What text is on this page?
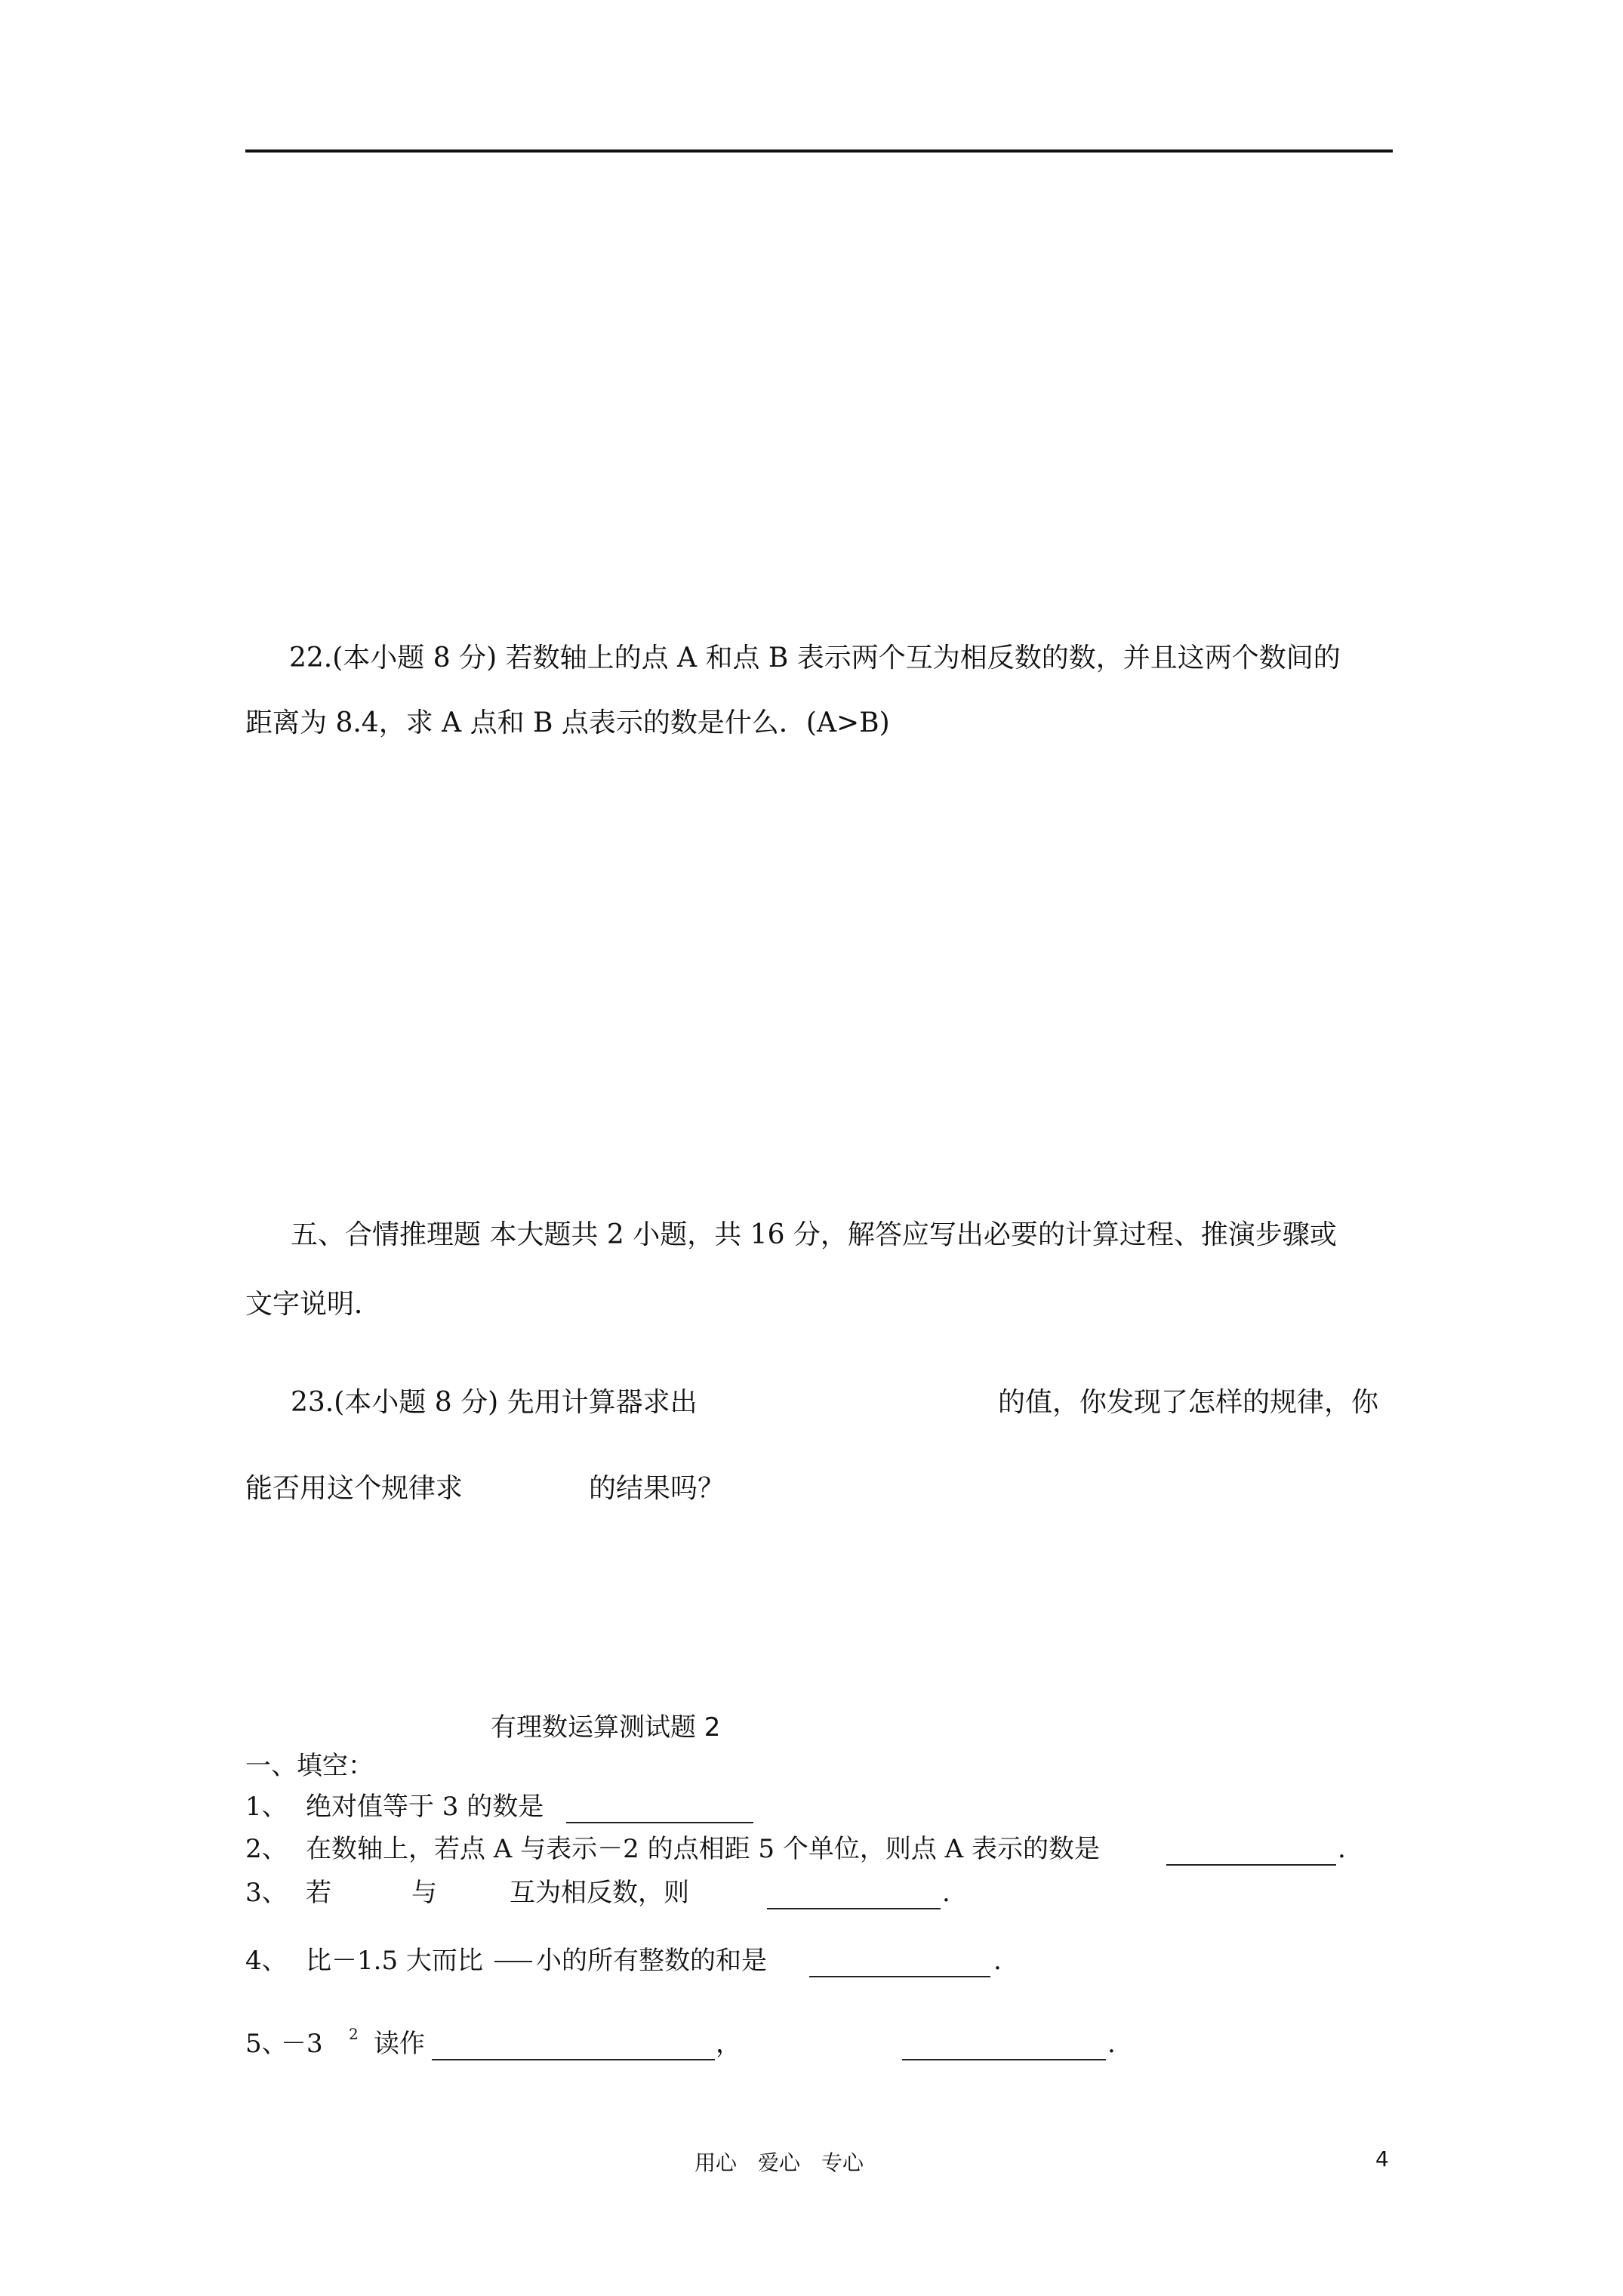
22.(本小题 8 分) 若数轴上的点 A 和点 B 表示两个互为相反数的数，并且这两个数间的
距离为 8.4，求 A 点和 B 点表示的数是什么．(A>B)
五、合情推理题 本大题共 2 小题，共 16 分，解答应写出必要的计算过程、推演步骤或
文字说明．
23.(本小题 8 分) 先用计算器求出	的值，你发现了怎样的规律，你
能否用这个规律求	的结果吗？
有理数运算测试题 2
一、填空：
1、 绝对值等于 3 的数是
2、 在数轴上，若点 A 与表示－2 的点相距 5 个单位，则点 A 表示的数是	.
3、 若	与	互为相反数，则	.
4、 比－1.5 大而比 小的所有整数的和是	.
5、
－3 2 读作	，	.
用心　爱心　专心	4
